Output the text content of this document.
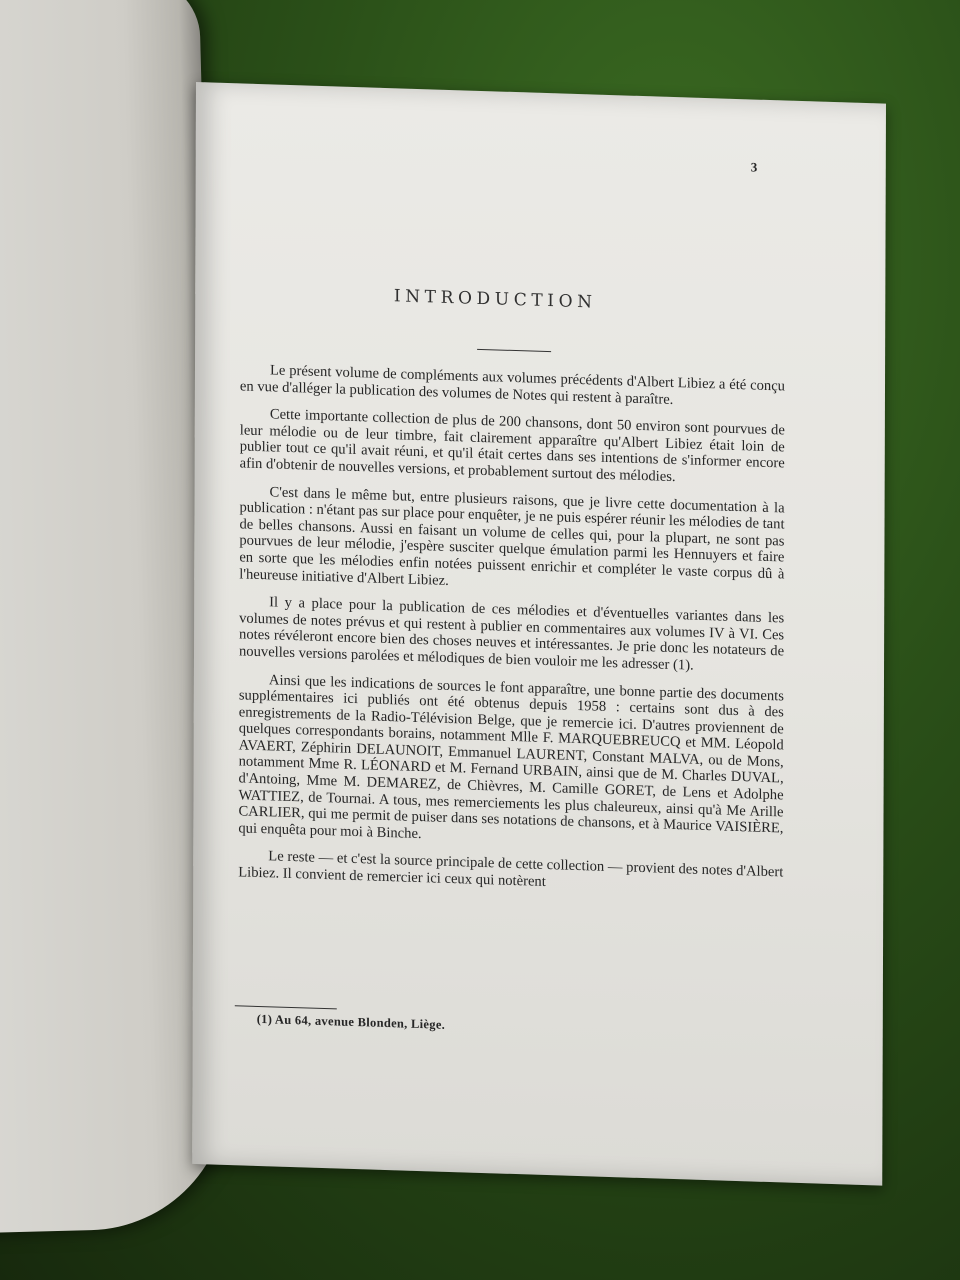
3
INTRODUCTION

Le présent volume de compléments aux volumes précédents d'Albert Libiez a été conçu en vue d'alléger la publication des volumes de Notes qui restent à paraître.

Cette importante collection de plus de 200 chansons, dont 50 environ sont pourvues de leur mélodie ou de leur timbre, fait clairement apparaître qu'Albert Libiez était loin de publier tout ce qu'il avait réuni, et qu'il était certes dans ses intentions de s'informer encore afin d'obtenir de nouvelles versions, et probablement surtout des mélodies.

C'est dans le même but, entre plusieurs raisons, que je livre cette documentation à la publication : n'étant pas sur place pour enquêter, je ne puis espérer réunir les mélodies de tant de belles chansons. Aussi en faisant un volume de celles qui, pour la plupart, ne sont pas pourvues de leur mélodie, j'espère susciter quelque émulation parmi les Hennuyers et faire en sorte que les mélodies enfin notées puissent enrichir et compléter le vaste corpus dû à l'heureuse initiative d'Albert Libiez.

Il y a place pour la publication de ces mélodies et d'éventuelles variantes dans les volumes de notes prévus et qui restent à publier en commentaires aux volumes IV à VI. Ces notes révéleront encore bien des choses neuves et intéressantes. Je prie donc les notateurs de nouvelles versions parolées et mélodiques de bien vouloir me les adresser (1).

Ainsi que les indications de sources le font apparaître, une bonne partie des documents supplémentaires ici publiés ont été obtenus depuis 1958 : certains sont dus à des enregistrements de la Radio-Télévision Belge, que je remercie ici. D'autres proviennent de quelques correspondants borains, notamment Mlle F. MARQUEBREUCQ et MM. Léopold AVAERT, Zéphirin DELAUNOIT, Emmanuel LAURENT, Constant MALVA, ou de Mons, notamment Mme R. LÉONARD et M. Fernand URBAIN, ainsi que de M. Charles DUVAL, d'Antoing, Mme M. DEMAREZ, de Chièvres, M. Camille GORET, de Lens et Adolphe WATTIEZ, de Tournai. A tous, mes remerciements les plus chaleureux, ainsi qu'à Me Arille CARLIER, qui me permit de puiser dans ses notations de chansons, et à Maurice VAISIÈRE, qui enquêta pour moi à Binche.

Le reste — et c'est la source principale de cette collection — provient des notes d'Albert Libiez. Il convient de remercier ici ceux qui notèrent

(1) Au 64, avenue Blonden, Liège.
